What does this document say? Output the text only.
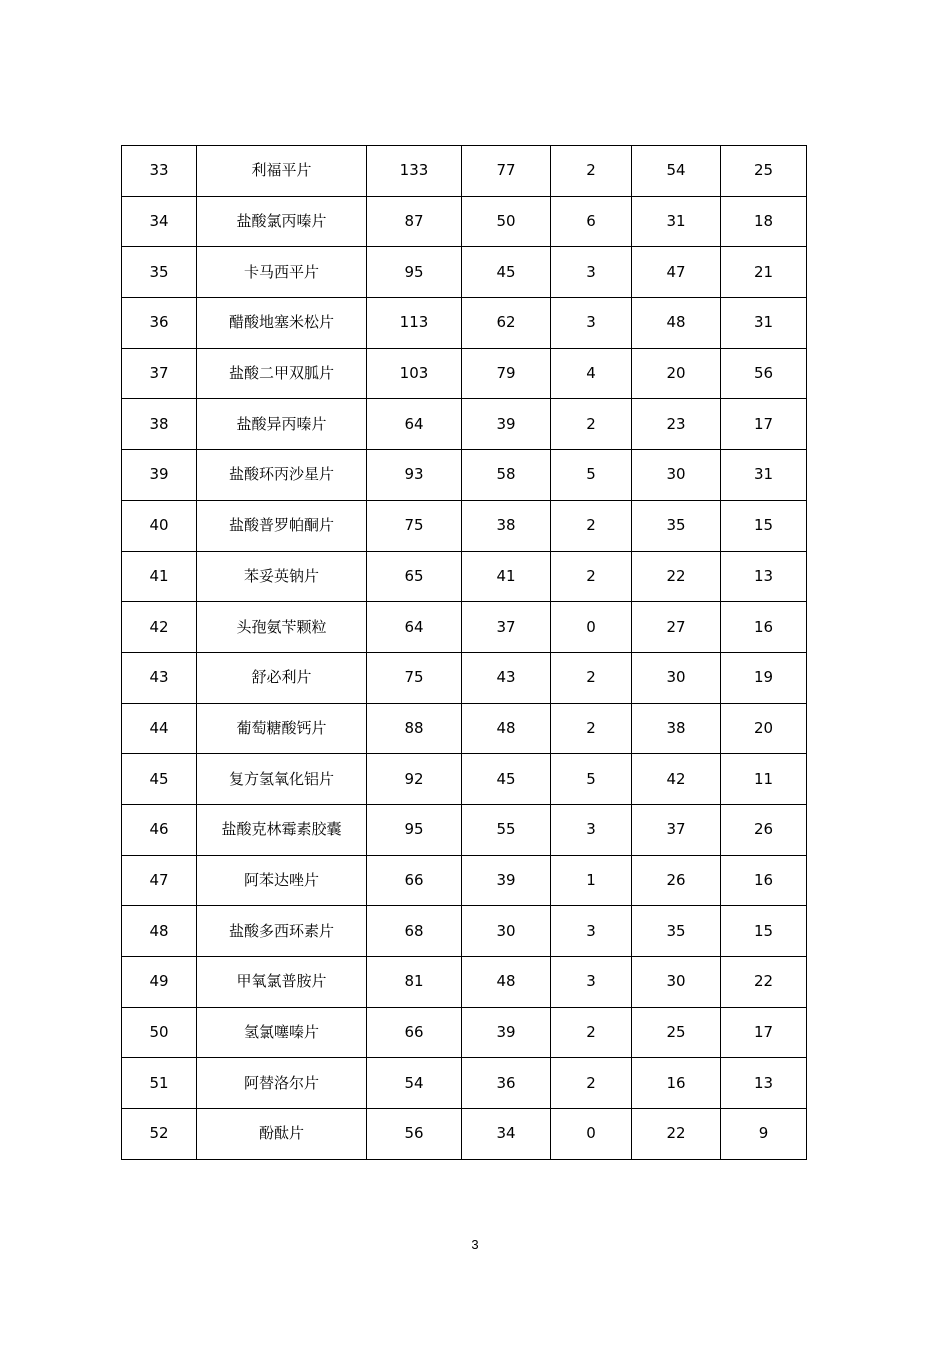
33	利福平片	133	77	2	54	25
34	盐酸氯丙嗪片	87	50	6	31	18
35	卡马西平片	95	45	3	47	21
36	醋酸地塞米松片	113	62	3	48	31
37	盐酸二甲双胍片	103	79	4	20	56
38	盐酸异丙嗪片	64	39	2	23	17
39	盐酸环丙沙星片	93	58	5	30	31
40	盐酸普罗帕酮片	75	38	2	35	15
41	苯妥英钠片	65	41	2	22	13
42	头孢氨苄颗粒	64	37	0	27	16
43	舒必利片	75	43	2	30	19
44	葡萄糖酸钙片	88	48	2	38	20
45	复方氢氧化铝片	92	45	5	42	11
46	盐酸克林霉素胶囊	95	55	3	37	26
47	阿苯达唑片	66	39	1	26	16
48	盐酸多西环素片	68	30	3	35	15
49	甲氧氯普胺片	81	48	3	30	22
50	氢氯噻嗪片	66	39	2	25	17
51	阿替洛尔片	54	36	2	16	13
52	酚酞片	56	34	0	22	9
3
